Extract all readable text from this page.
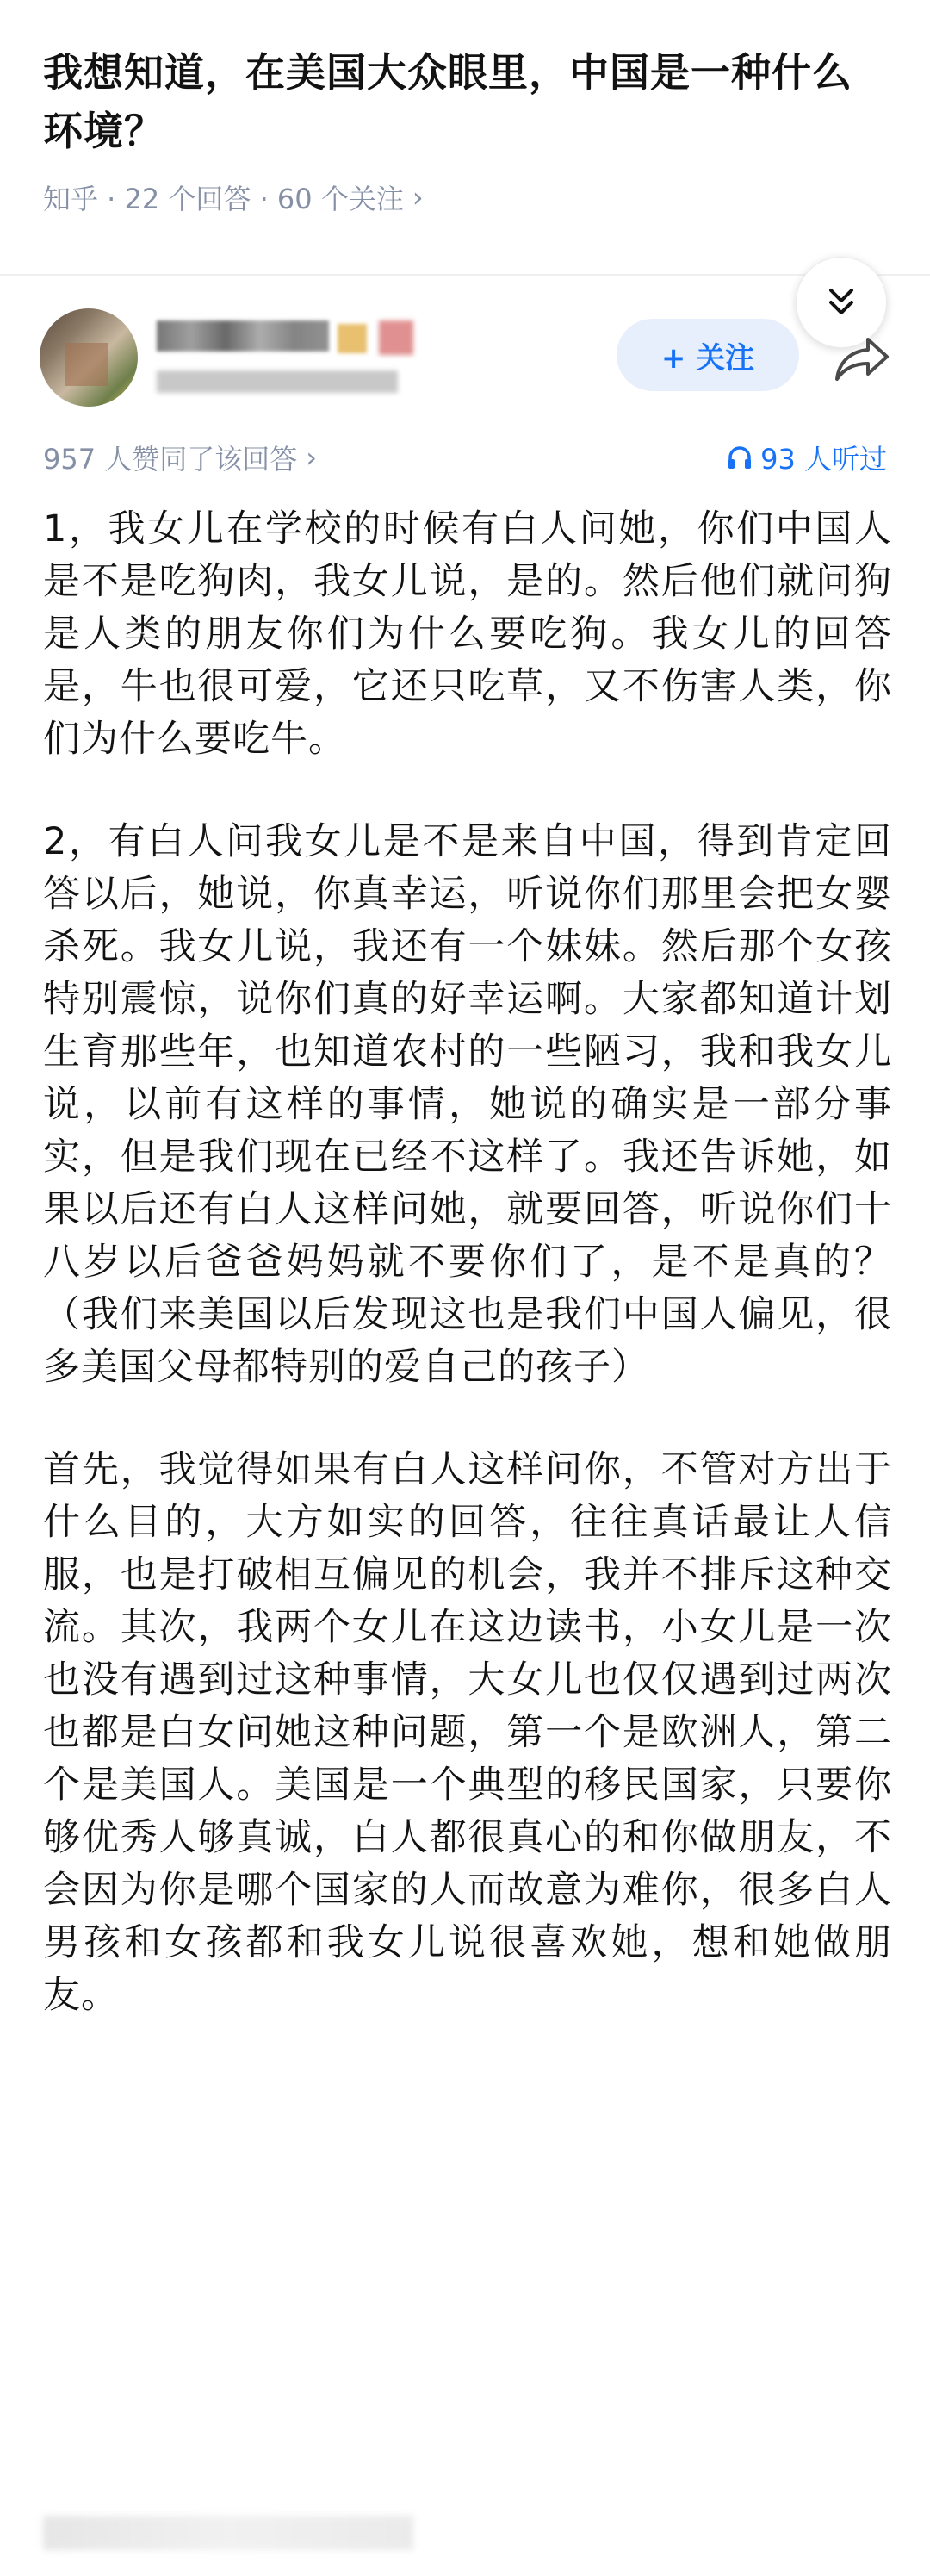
我想知道，在美国大众眼里，中国是一种什么环境？
知乎 · 22 个回答 · 60 个关注 ›
+ 关注
957 人赞同了该回答 ›	93 人听过

1，我女儿在学校的时候有白人问她，你们中国人是不是吃狗肉，我女儿说，是的。然后他们就问狗是人类的朋友你们为什么要吃狗。我女儿的回答是，牛也很可爱，它还只吃草，又不伤害人类，你们为什么要吃牛。

2，有白人问我女儿是不是来自中国，得到肯定回答以后，她说，你真幸运，听说你们那里会把女婴杀死。我女儿说，我还有一个妹妹。然后那个女孩特别震惊，说你们真的好幸运啊。大家都知道计划生育那些年，也知道农村的一些陋习，我和我女儿说，以前有这样的事情，她说的确实是一部分事实，但是我们现在已经不这样了。我还告诉她，如果以后还有白人这样问她，就要回答，听说你们十八岁以后爸爸妈妈就不要你们了，是不是真的？（我们来美国以后发现这也是我们中国人偏见，很多美国父母都特别的爱自己的孩子）

首先，我觉得如果有白人这样问你，不管对方出于什么目的，大方如实的回答，往往真话最让人信服，也是打破相互偏见的机会，我并不排斥这种交流。其次，我两个女儿在这边读书，小女儿是一次也没有遇到过这种事情，大女儿也仅仅遇到过两次也都是白女问她这种问题，第一个是欧洲人，第二个是美国人。美国是一个典型的移民国家，只要你够优秀人够真诚，白人都很真心的和你做朋友，不会因为你是哪个国家的人而故意为难你，很多白人男孩和女孩都和我女儿说很喜欢她，想和她做朋友。
